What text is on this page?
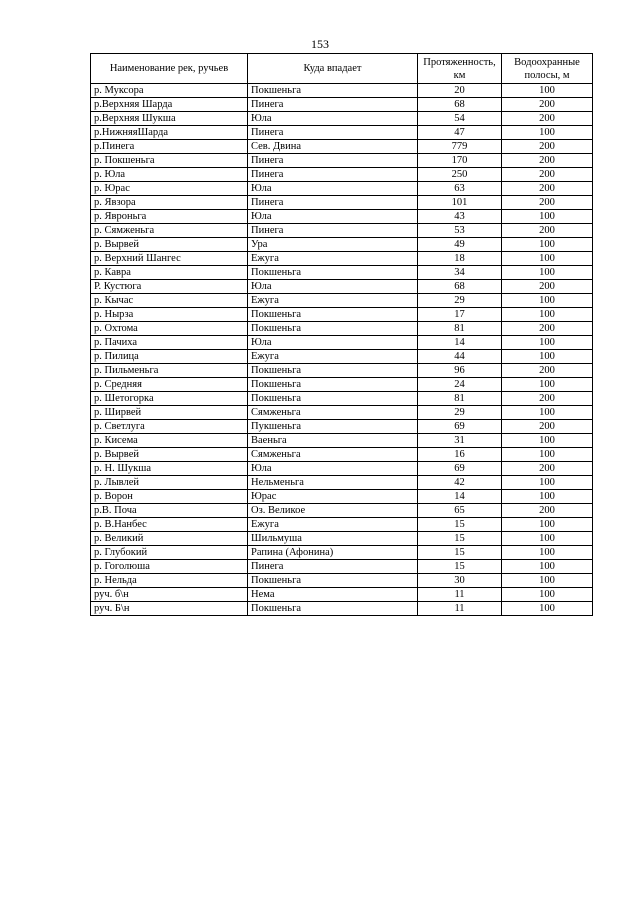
153
Наименование рек, ручьев	Куда впадает	Протяженность, км	Водоохранные полосы, м
р. Муксора	Покшеньга	20	100
р.Верхняя Шарда	Пинега	68	200
р.Верхняя Шукша	Юла	54	200
р.НижняяШарда	Пинега	47	100
р.Пинега	Сев. Двина	779	200
р. Покшеньга	Пинега	170	200
р. Юла	Пинега	250	200
р. Юрас	Юла	63	200
р. Явзора	Пинега	101	200
р. Явроньга	Юла	43	100
р. Сямженьга	Пинега	53	200
р. Вырвей	Ура	49	100
р. Верхний Шангес	Ежуга	18	100
р. Кавра	Покшеньга	34	100
Р. Кустюга	Юла	68	200
р. Кычас	Ежуга	29	100
р. Нырза	Покшеньга	17	100
р. Охтома	Покшеньга	81	200
р. Пачиха	Юла	14	100
р. Пилица	Ежуга	44	100
р. Пильменьга	Покшеньга	96	200
р. Средняя	Покшеньга	24	100
р. Шетогорка	Покшеньга	81	200
р. Ширвей	Сямженьга	29	100
р. Светлуга	Пукшеньга	69	200
р. Кисема	Ваеньга	31	100
р. Вырвей	Сямженьга	16	100
р. Н. Шукша	Юла	69	200
р. Лывлей	Нельменьга	42	100
р. Ворон	Юрас	14	100
р.В. Поча	Оз. Великое	65	200
р. В.Нанбес	Ежуга	15	100
р. Великий	Шильмуша	15	100
р. Глубокий	Рапина (Афонина)	15	100
р. Гоголюша	Пинега	15	100
р. Нельда	Покшеньга	30	100
руч. б\н	Нема	11	100
руч. Б\н	Покшеньга	11	100
